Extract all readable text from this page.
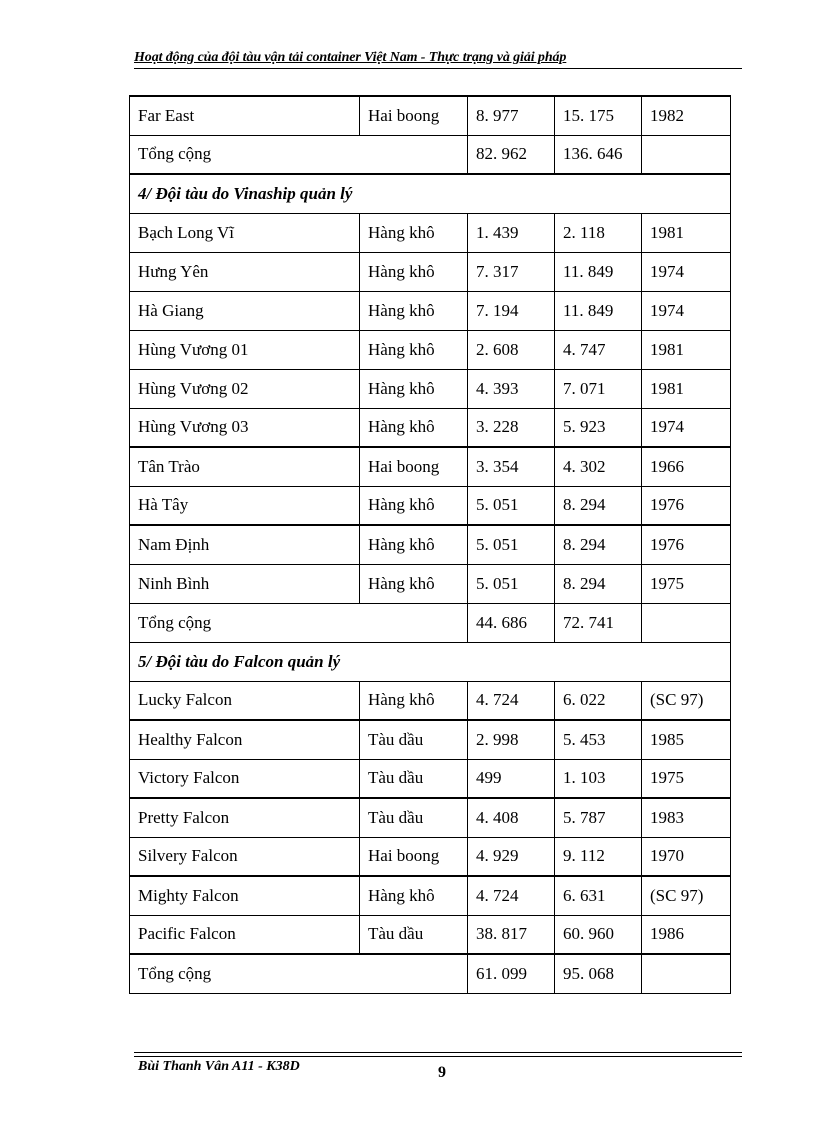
Hoạt động của đội tàu vận tải container Việt Nam - Thực trạng và giải pháp
Far East	Hai boong	8. 977	15. 175	1982
Tổng cộng		82. 962	136. 646	
4/ Đội tàu do Vinaship quản lý				
Bạch Long Vĩ	Hàng khô	1. 439	2. 118	1981
Hưng Yên	Hàng khô	7. 317	11. 849	1974
Hà Giang	Hàng khô	7. 194	11. 849	1974
Hùng Vương 01	Hàng khô	2. 608	4. 747	1981
Hùng Vương 02	Hàng khô	4. 393	7. 071	1981
Hùng Vương 03	Hàng khô	3. 228	5. 923	1974
Tân Trào	Hai boong	3. 354	4. 302	1966
Hà Tây	Hàng khô	5. 051	8. 294	1976
Nam Định	Hàng khô	5. 051	8. 294	1976
Ninh Bình	Hàng khô	5. 051	8. 294	1975
Tổng cộng		44. 686	72. 741	
5/ Đội tàu do Falcon quản lý				
Lucky Falcon	Hàng khô	4. 724	6. 022	(SC 97)
Healthy Falcon	Tàu dầu	2. 998	5. 453	1985
Victory Falcon	Tàu dầu	499	1. 103	1975
Pretty Falcon	Tàu dầu	4. 408	5. 787	1983
Silvery Falcon	Hai boong	4. 929	9. 112	1970
Mighty Falcon	Hàng khô	4. 724	6. 631	(SC 97)
Pacific Falcon	Tàu dầu	38. 817	60. 960	1986
Tổng cộng		61. 099	95. 068	
Bùi Thanh Vân A11 - K38D	9
